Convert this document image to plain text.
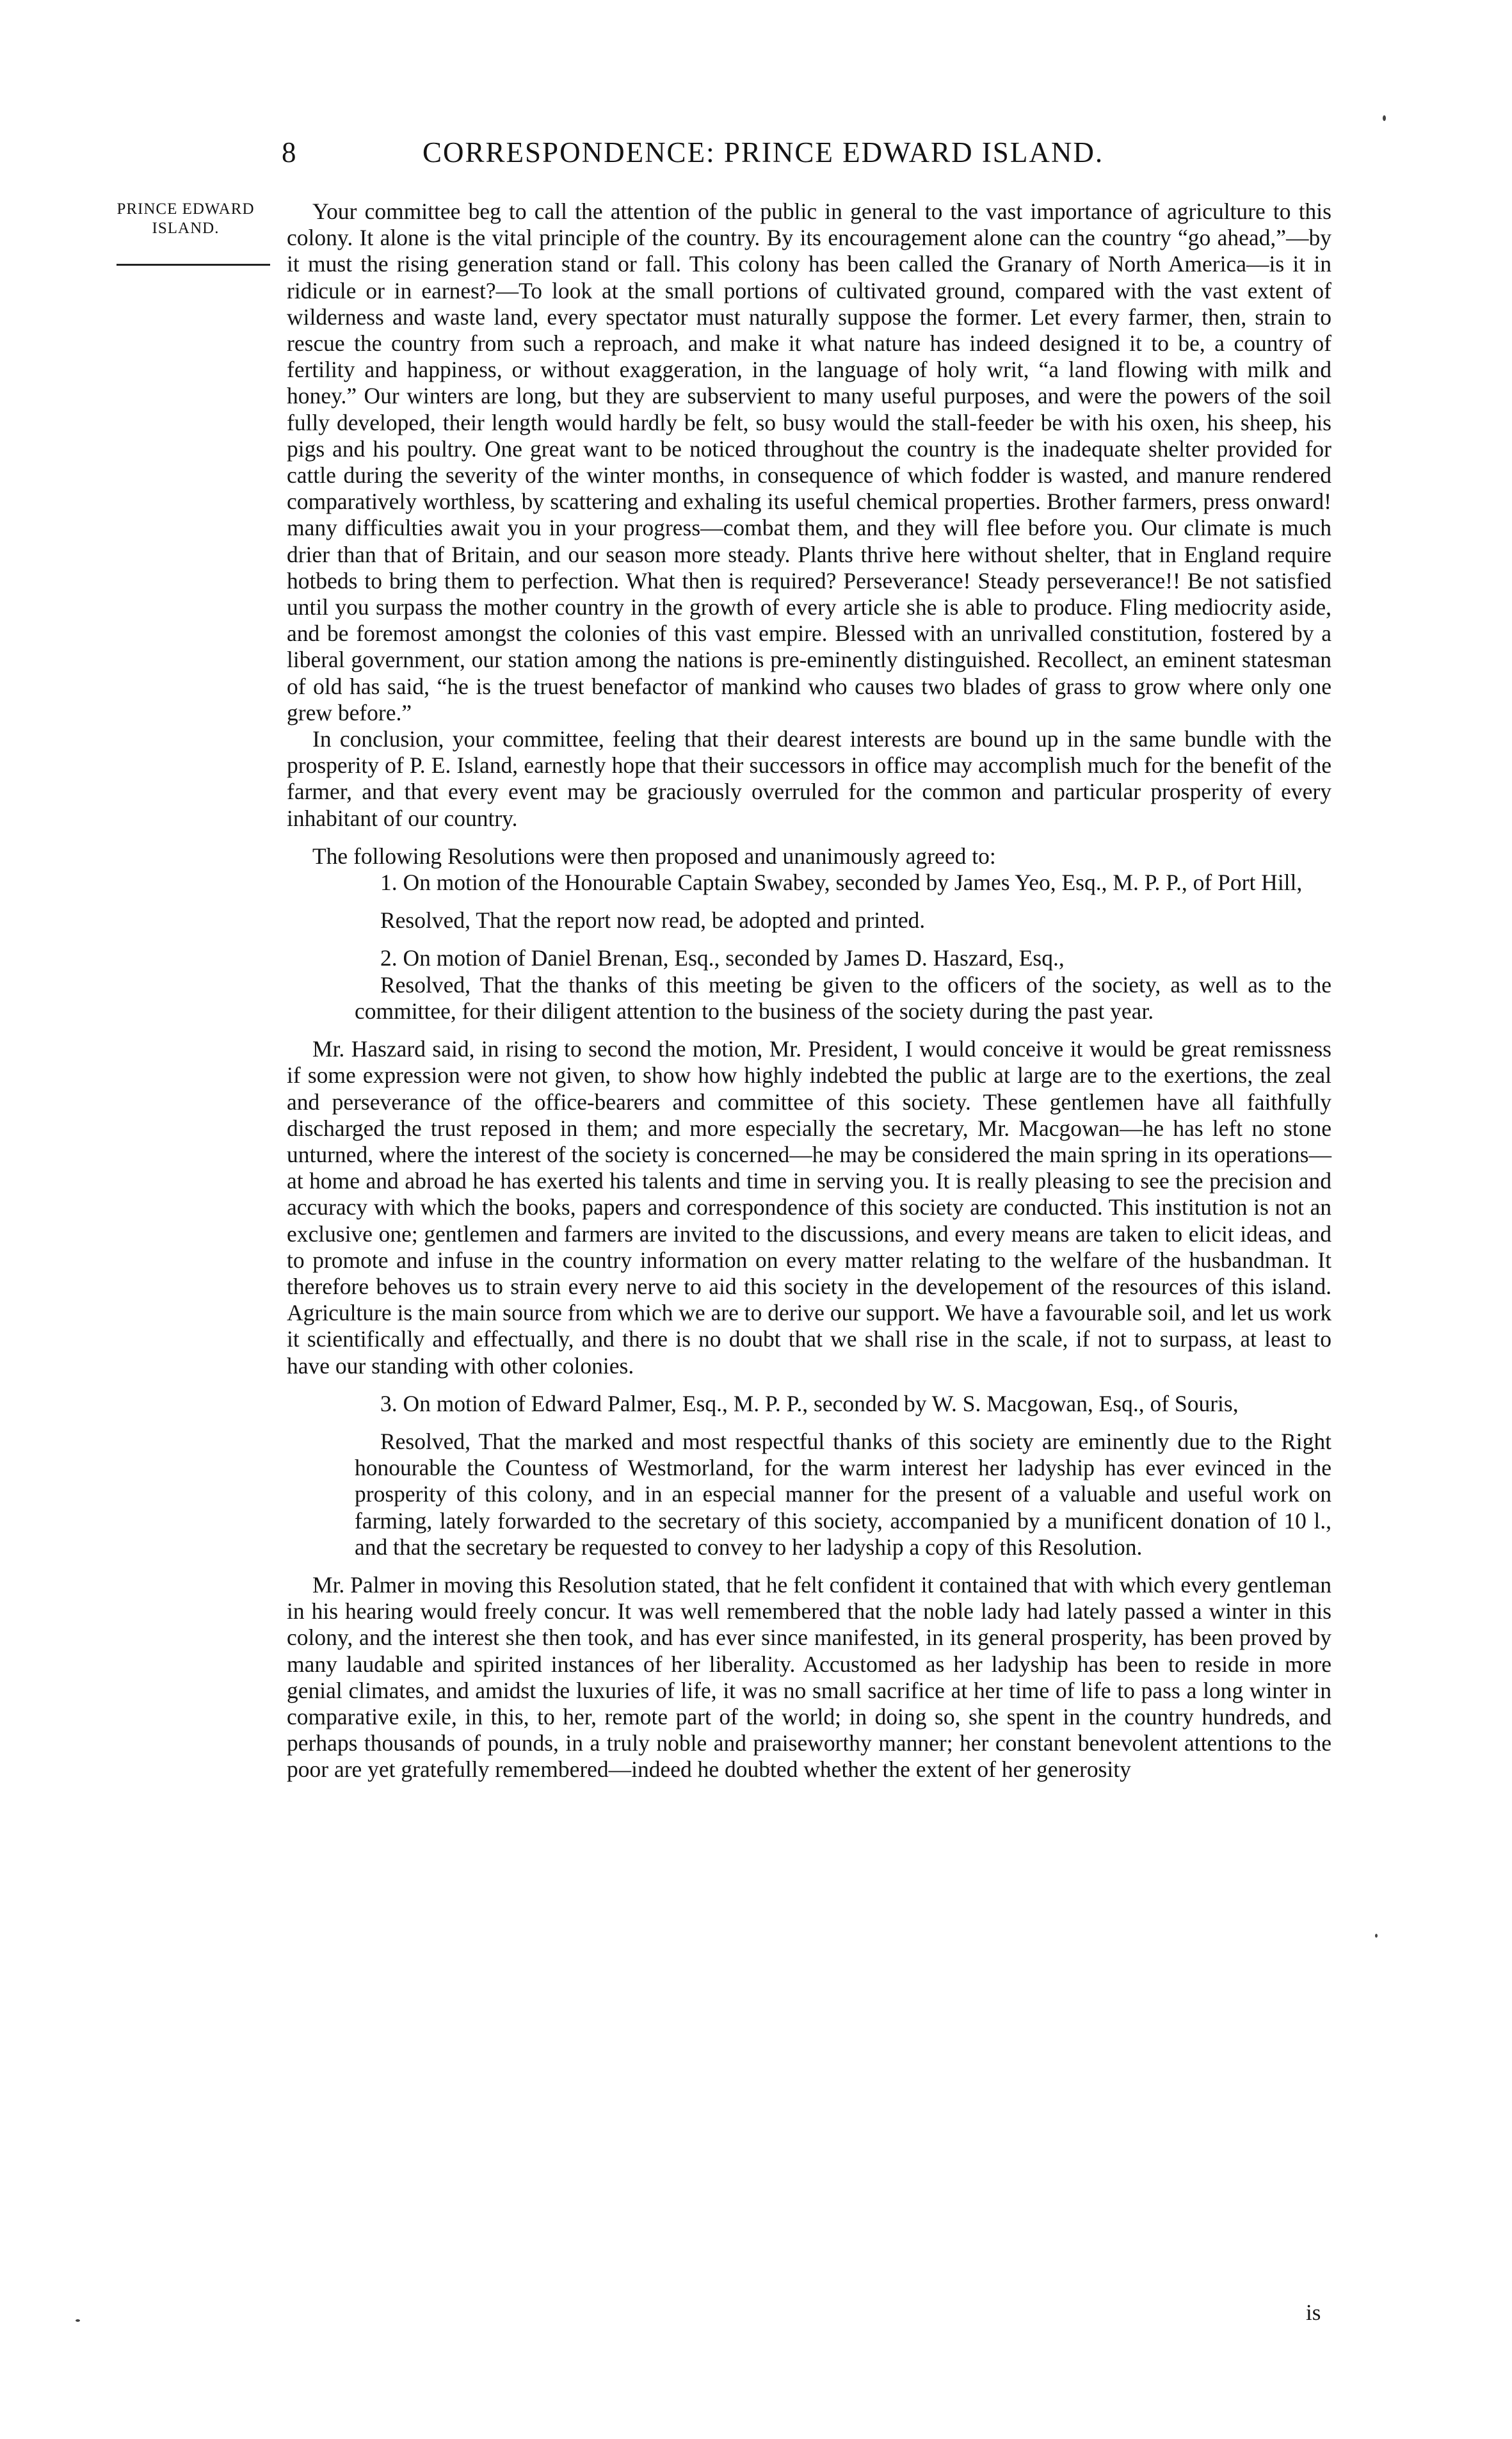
8	CORRESPONDENCE: PRINCE EDWARD ISLAND.
PRINCE EDWARD
ISLAND.

Your committee beg to call the attention of the public in general to the vast importance of agriculture to this colony. It alone is the vital principle of the country. By its encouragement alone can the country “go ahead,”—by it must the rising generation stand or fall. This colony has been called the Granary of North America—is it in ridicule or in earnest?—To look at the small portions of cultivated ground, compared with the vast extent of wilderness and waste land, every spectator must naturally suppose the former. Let every farmer, then, strain to rescue the country from such a reproach, and make it what nature has indeed designed it to be, a country of fertility and happiness, or without exaggeration, in the language of holy writ, “a land flowing with milk and honey.” Our winters are long, but they are subservient to many useful purposes, and were the powers of the soil fully developed, their length would hardly be felt, so busy would the stall-feeder be with his oxen, his sheep, his pigs and his poultry. One great want to be noticed throughout the country is the inadequate shelter provided for cattle during the severity of the winter months, in consequence of which fodder is wasted, and manure rendered comparatively worthless, by scattering and exhaling its useful chemical properties. Brother farmers, press onward! many difficulties await you in your progress—combat them, and they will flee before you. Our climate is much drier than that of Britain, and our season more steady. Plants thrive here without shelter, that in England require hotbeds to bring them to perfection. What then is required? Perseverance! Steady perseverance!! Be not satisfied until you surpass the mother country in the growth of every article she is able to produce. Fling mediocrity aside, and be foremost amongst the colonies of this vast empire. Blessed with an unrivalled constitution, fostered by a liberal government, our station among the nations is pre-eminently distinguished. Recollect, an eminent statesman of old has said, “he is the truest benefactor of mankind who causes two blades of grass to grow where only one grew before.”

In conclusion, your committee, feeling that their dearest interests are bound up in the same bundle with the prosperity of P. E. Island, earnestly hope that their successors in office may accomplish much for the benefit of the farmer, and that every event may be graciously overruled for the common and particular prosperity of every inhabitant of our country.

The following Resolutions were then proposed and unanimously agreed to:

1. On motion of the Honourable Captain Swabey, seconded by James Yeo, Esq., M. P. P., of Port Hill,

Resolved, That the report now read, be adopted and printed.

2. On motion of Daniel Brenan, Esq., seconded by James D. Haszard, Esq.,

Resolved, That the thanks of this meeting be given to the officers of the society, as well as to the committee, for their diligent attention to the business of the society during the past year.

Mr. Haszard said, in rising to second the motion, Mr. President, I would conceive it would be great remissness if some expression were not given, to show how highly indebted the public at large are to the exertions, the zeal and perseverance of the office-bearers and committee of this society. These gentlemen have all faithfully discharged the trust reposed in them; and more especially the secretary, Mr. Macgowan—he has left no stone unturned, where the interest of the society is concerned—he may be considered the main spring in its operations—at home and abroad he has exerted his talents and time in serving you. It is really pleasing to see the precision and accuracy with which the books, papers and correspondence of this society are conducted. This institution is not an exclusive one; gentlemen and farmers are invited to the discussions, and every means are taken to elicit ideas, and to promote and infuse in the country information on every matter relating to the welfare of the husbandman. It therefore behoves us to strain every nerve to aid this society in the developement of the resources of this island. Agriculture is the main source from which we are to derive our support. We have a favourable soil, and let us work it scientifically and effectually, and there is no doubt that we shall rise in the scale, if not to surpass, at least to have our standing with other colonies.

3. On motion of Edward Palmer, Esq., M. P. P., seconded by W. S. Macgowan, Esq., of Souris,

Resolved, That the marked and most respectful thanks of this society are eminently due to the Right honourable the Countess of Westmorland, for the warm interest her ladyship has ever evinced in the prosperity of this colony, and in an especial manner for the present of a valuable and useful work on farming, lately forwarded to the secretary of this society, accompanied by a munificent donation of 10 l., and that the secretary be requested to convey to her ladyship a copy of this Resolution.

Mr. Palmer in moving this Resolution stated, that he felt confident it contained that with which every gentleman in his hearing would freely concur. It was well remembered that the noble lady had lately passed a winter in this colony, and the interest she then took, and has ever since manifested, in its general prosperity, has been proved by many laudable and spirited instances of her liberality. Accustomed as her ladyship has been to reside in more genial climates, and amidst the luxuries of life, it was no small sacrifice at her time of life to pass a long winter in comparative exile, in this, to her, remote part of the world; in doing so, she spent in the country hundreds, and perhaps thousands of pounds, in a truly noble and praiseworthy manner; her constant benevolent attentions to the poor are yet gratefully remembered—indeed he doubted whether the extent of her generosity

is
